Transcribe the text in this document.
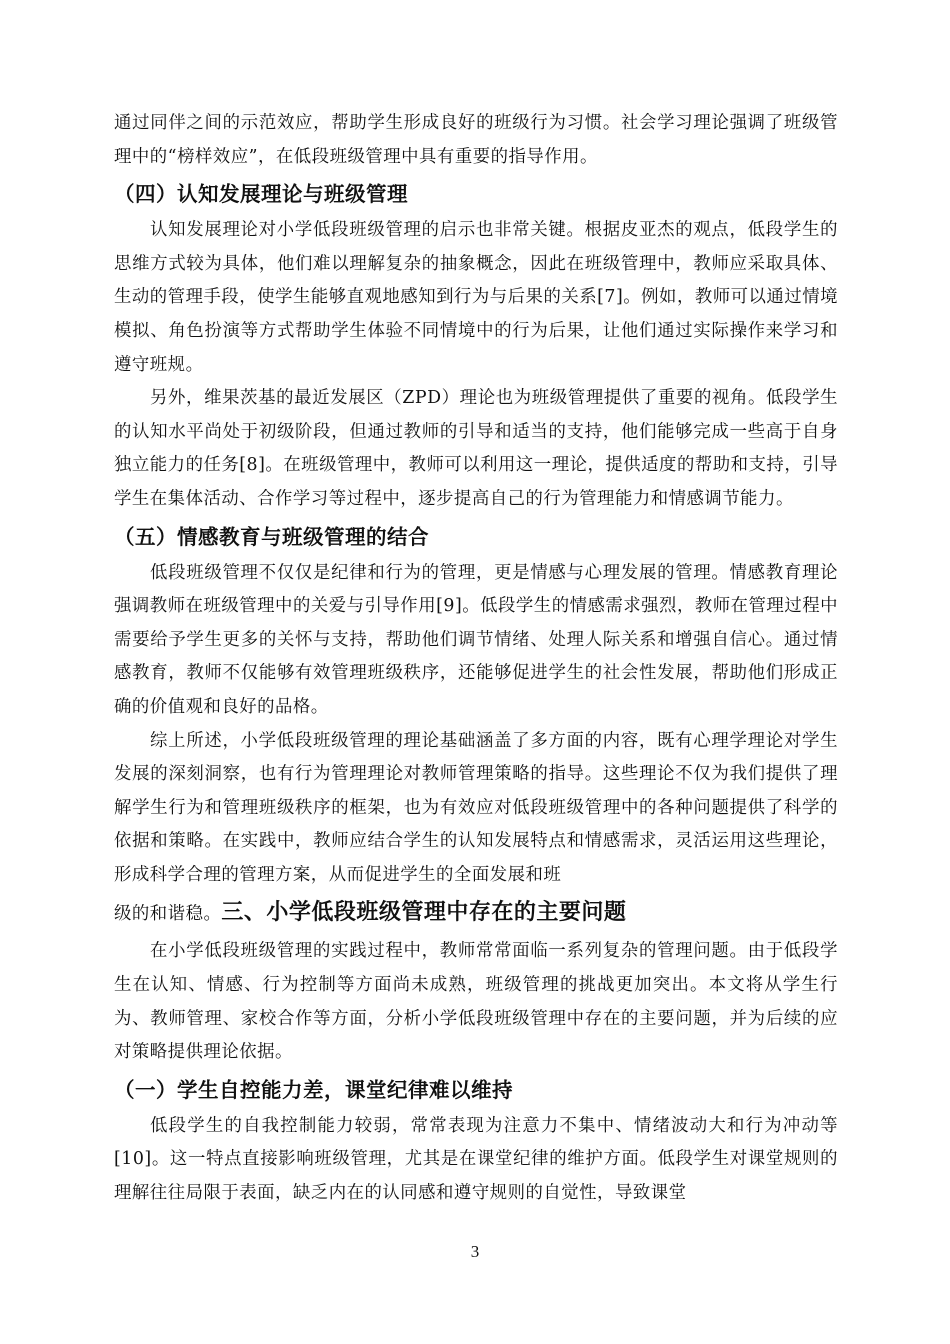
通过同伴之间的示范效应，帮助学生形成良好的班级行为习惯。社会学习理论强调了班级管理中的“榜样效应”，在低段班级管理中具有重要的指导作用。

（四）认知发展理论与班级管理

认知发展理论对小学低段班级管理的启示也非常关键。根据皮亚杰的观点，低段学生的思维方式较为具体，他们难以理解复杂的抽象概念，因此在班级管理中，教师应采取具体、生动的管理手段，使学生能够直观地感知到行为与后果的关系[7]。例如，教师可以通过情境模拟、角色扮演等方式帮助学生体验不同情境中的行为后果，让他们通过实际操作来学习和遵守班规。

另外，维果茨基的最近发展区（ZPD）理论也为班级管理提供了重要的视角。低段学生的认知水平尚处于初级阶段，但通过教师的引导和适当的支持，他们能够完成一些高于自身独立能力的任务[8]。在班级管理中，教师可以利用这一理论，提供适度的帮助和支持，引导学生在集体活动、合作学习等过程中，逐步提高自己的行为管理能力和情感调节能力。

（五）情感教育与班级管理的结合

低段班级管理不仅仅是纪律和行为的管理，更是情感与心理发展的管理。情感教育理论强调教师在班级管理中的关爱与引导作用[9]。低段学生的情感需求强烈，教师在管理过程中需要给予学生更多的关怀与支持，帮助他们调节情绪、处理人际关系和增强自信心。通过情感教育，教师不仅能够有效管理班级秩序，还能够促进学生的社会性发展，帮助他们形成正确的价值观和良好的品格。

综上所述，小学低段班级管理的理论基础涵盖了多方面的内容，既有心理学理论对学生发展的深刻洞察，也有行为管理理论对教师管理策略的指导。这些理论不仅为我们提供了理解学生行为和管理班级秩序的框架，也为有效应对低段班级管理中的各种问题提供了科学的依据和策略。在实践中，教师应结合学生的认知发展特点和情感需求，灵活运用这些理论，形成科学合理的管理方案，从而促进学生的全面发展和班

级的和谐稳。三、小学低段班级管理中存在的主要问题

在小学低段班级管理的实践过程中，教师常常面临一系列复杂的管理问题。由于低段学生在认知、情感、行为控制等方面尚未成熟，班级管理的挑战更加突出。本文将从学生行为、教师管理、家校合作等方面，分析小学低段班级管理中存在的主要问题，并为后续的应对策略提供理论依据。

（一）学生自控能力差，课堂纪律难以维持

低段学生的自我控制能力较弱，常常表现为注意力不集中、情绪波动大和行为冲动等[10]。这一特点直接影响班级管理，尤其是在课堂纪律的维护方面。低段学生对课堂规则的理解往往局限于表面，缺乏内在的认同感和遵守规则的自觉性，导致课堂

3
